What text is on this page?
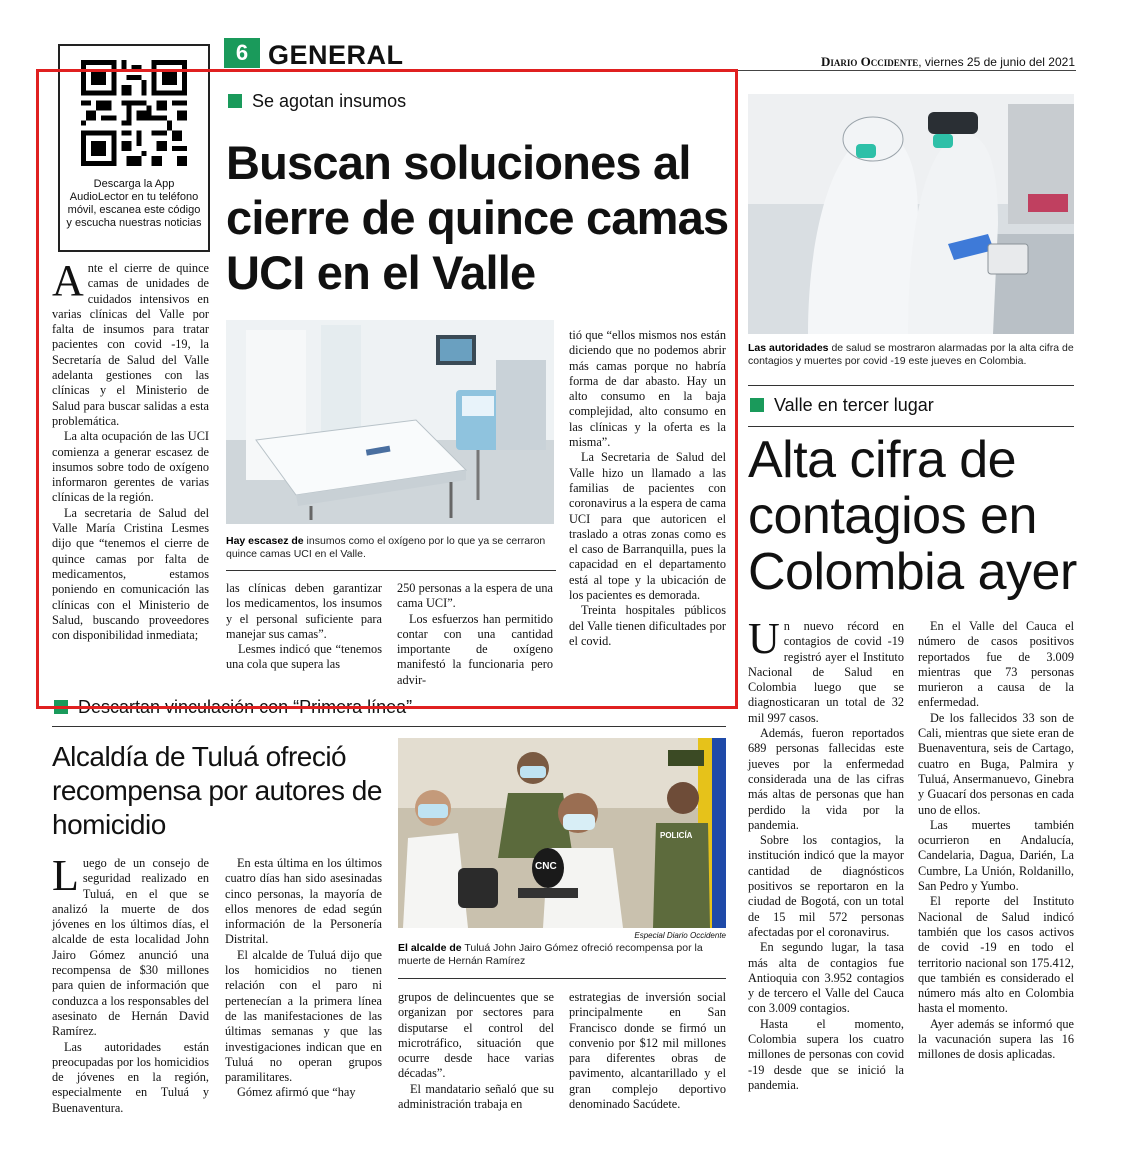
6 GENERAL	Diario Occidente, viernes 25 de junio del 2021
Descarga la App AudioLector en tu teléfono móvil, escanea este código y escucha nuestras noticias
Se agotan insumos
Buscan soluciones al cierre de quince camas UCI en el Valle
A nte el cierre de quince camas de unidades de cuidados intensivos en varias clínicas del Valle por falta de insumos para tratar pacientes con covid -19, la Secretaría de Salud del Valle adelanta gestiones con las clínicas y el Ministerio de Salud para buscar salidas a esta problemática.

La alta ocupación de las UCI comienza a generar escasez de insumos sobre todo de oxígeno informaron gerentes de varias clínicas de la región.

La secretaria de Salud del Valle María Cristina Lesmes dijo que “tenemos el cierre de quince camas por falta de medicamentos, estamos poniendo en comunicación las clínicas con el Ministerio de Salud, buscando proveedores con disponibilidad inmediata;

Hay escasez de insumos como el oxígeno por lo que ya se cerraron quince camas UCI en el Valle.

las clínicas deben garantizar los medicamentos, los insumos y el personal suficiente para manejar sus camas”.

Lesmes indicó que “tenemos una cola que supera las

250 personas a la espera de una cama UCI”.

Los esfuerzos han permitido contar con una cantidad importante de oxígeno manifestó la funcionaria pero advir-

tió que “ellos mismos nos están diciendo que no podemos abrir más camas porque no habría forma de dar abasto. Hay un alto consumo en la baja complejidad, alto consumo en las clínicas y la oferta es la misma”.

La Secretaria de Salud del Valle hizo un llamado a las familias de pacientes con coronavirus a la espera de cama UCI para que autoricen el traslado a otras zonas como es el caso de Barranquilla, pues la capacidad en el departamento está al tope y la ubicación de los pacientes es demorada.

Treinta hospitales públicos del Valle tienen dificultades por el covid.

Las autoridades de salud se mostraron alarmadas por la alta cifra de contagios y muertes por covid -19 este jueves en Colombia.
Valle en tercer lugar
Alta cifra de contagios en Colombia ayer
U n nuevo récord en contagios de covid -19 registró ayer el Instituto Nacional de Salud en Colombia luego que se diagnosticaran un total de 32 mil 997 casos.

Además, fueron reportados 689 personas fallecidas este jueves por la enfermedad considerada una de las cifras más altas de personas que han perdido la vida por la pandemia.

Sobre los contagios, la institución indicó que la mayor cantidad de diagnósticos positivos se reportaron en la ciudad de Bogotá, con un total de 15 mil 572 personas afectadas por el coronavirus.

En segundo lugar, la tasa más alta de contagios fue Antioquia con 3.952 contagios y de tercero el Valle del Cauca con 3.009 contagios.

Hasta el momento, Colombia supera los cuatro millones de personas con covid -19 desde que se inició la pandemia.

En el Valle del Cauca el número de casos positivos reportados fue de 3.009 mientras que 73 personas murieron a causa de la enfermedad.

De los fallecidos 33 son de Cali, mientras que siete eran de Buenaventura, seis de Cartago, cuatro en Buga, Palmira y Tuluá, Ansermanuevo, Ginebra y Guacarí dos personas en cada uno de ellos.

Las muertes también ocurrieron en Andalucía, Candelaria, Dagua, Darién, La Cumbre, La Unión, Roldanillo, San Pedro y Yumbo.

El reporte del Instituto Nacional de Salud indicó también que los casos activos de covid -19 en todo el territorio nacional son 175.412, que también es considerado el número más alto en Colombia hasta el momento.

Ayer además se informó que la vacunación supera las 16 millones de dosis aplicadas.

Descartan vinculación con “Primera línea”
Alcaldía de Tuluá ofreció recompensa por autores de homicidio
L uego de un consejo de seguridad realizado en Tuluá, en el que se analizó la muerte de dos jóvenes en los últimos días, el alcalde de esta localidad John Jairo Gómez anunció una recompensa de $30 millones para quien de información que conduzca a los responsables del asesinato de Hernán David Ramírez.

Las autoridades están preocupadas por los homicidios de jóvenes en la región, especialmente en Tuluá y Buenaventura.

En esta última en los últimos cuatro días han sido asesinadas cinco personas, la mayoría de ellos menores de edad según información de la Personería Distrital.

El alcalde de Tuluá dijo que los homicidios no tienen relación con el paro ni pertenecían a la primera línea de las manifestaciones de las últimas semanas y que las investigaciones indican que en Tuluá no operan grupos paramilitares.

Gómez afirmó que “hay

CNC
POLICÍA
Especial Diario Occidente
El alcalde de Tuluá John Jairo Gómez ofreció recompensa por la muerte de Hernán Ramírez

grupos de delincuentes que se organizan por sectores para disputarse el control del microtráfico, situación que ocurre desde hace varias décadas”.

El mandatario señaló que su administración trabaja en

estrategias de inversión social principalmente en San Francisco donde se firmó un convenio por $12 mil millones para diferentes obras de pavimento, alcantarillado y el gran complejo deportivo denominado Sacúdete.
